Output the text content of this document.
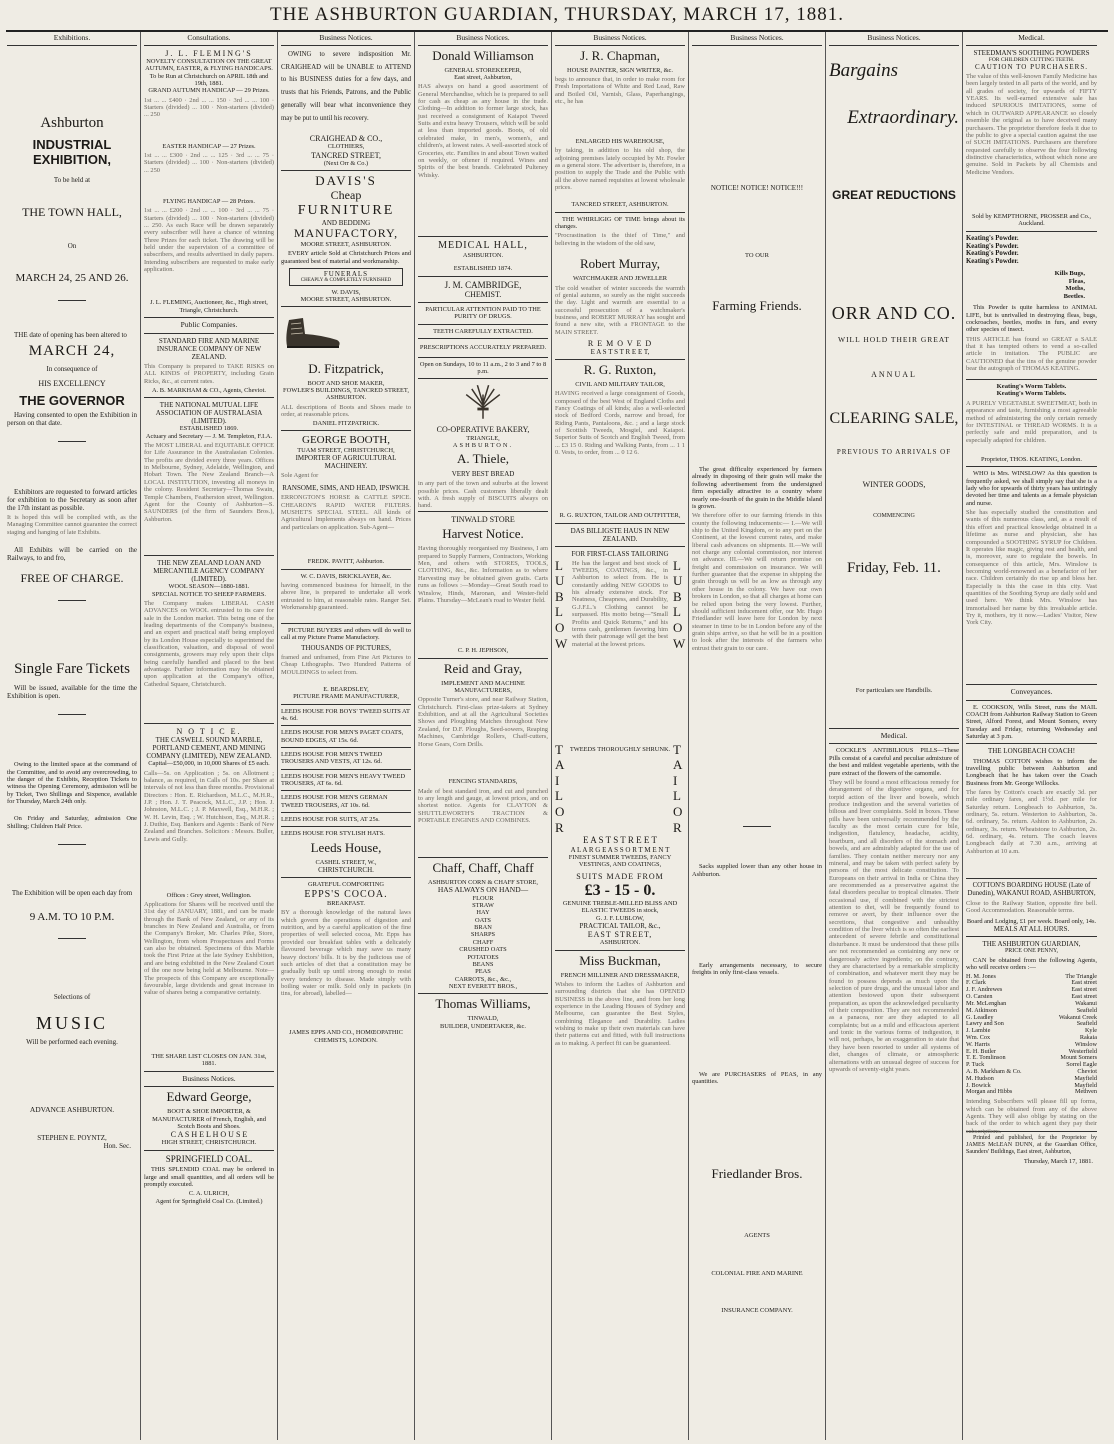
THE ASHBURTON GUARDIAN, THURSDAY, MARCH 17, 1881.
Exhibitions.
Ashburton
INDUSTRIAL EXHIBITION,
To be held at
THE TOWN HALL,
On
MARCH 24, 25 AND 26.
THE date of opening has been altered to
MARCH 24,
In consequence of
HIS EXCELLENCY
THE GOVERNOR
Having consented to open the Exhibition in person on that date.
Exhibitors are requested to forward articles for exhibition to the Secretary as soon after the 17th instant as possible.
It is hoped this will be complied with, as the Managing Committee cannot guarantee the correct staging and hanging of late Exhibits.
All Exhibits will be carried on the Railways, to and fro,
FREE OF CHARGE.
Single Fare Tickets
Will be issued, available for the time the Exhibition is open.
Owing to the limited space at the command of the Committee, and to avoid any overcrowding, to the danger of the Exhibits, Reception Tickets to witness the Opening Ceremony, admission will be by Ticket, Two Shillings and Sixpence, available for Thursday, March 24th only.
On Friday and Saturday, admission One Shilling; Children Half Price.
The Exhibition will be open each day from
9 A.M. TO 10 P.M.
Selections of
MUSIC
Will be performed each evening.
ADVANCE ASHBURTON.
STEPHEN E. POYNTZ,
Hon. Sec.
Consultations.
J. L. FLEMING'S
NOVELTY CONSULTATION ON THE GREAT AUTUMN, EASTER, & FLYING HANDICAPS.
To be Run at Christchurch on APRIL 18th and 19th, 1881.
GRAND AUTUMN HANDICAP — 29 Prizes.
1st ... ... £400 · 2nd ... ... 150 · 3rd ... ... 100 · Starters (divided) ... 100 · Non-starters (divided) ... 250
EASTER HANDICAP — 27 Prizes.
1st ... ... £300 · 2nd ... ... 125 · 3rd ... ... 75 · Starters (divided) ... 100 · Non-starters (divided) ... 250
FLYING HANDICAP — 28 Prizes.
1st ... ... £200 · 2nd ... ... 100 · 3rd ... ... 75 · Starters (divided) ... 100 · Non-starters (divided) ... 250. As each Race will be drawn separately every subscriber will have a chance of winning Three Prizes for each ticket. The drawing will be held under the supervision of a committee of subscribers, and results advertised in daily papers. Intending subscribers are requested to make early application.
J. L. FLEMING, Auctioneer, &c., High street, Triangle, Christchurch.
Public Companies.
STANDARD FIRE AND MARINE INSURANCE COMPANY OF NEW ZEALAND.
This Company is prepared to TAKE RISKS on ALL KINDS of PROPERTY, including Grain Ricks, &c., at current rates.
A. B. MARKHAM & CO., Agents, Cheviot.
THE NATIONAL MUTUAL LIFE ASSOCIATION OF AUSTRALASIA (LIMITED).
ESTABLISHED 1869.
Actuary and Secretary — J. M. Templeton, F.I.A.
The MOST LIBERAL and EQUITABLE OFFICE for Life Assurance in the Australasian Colonies. The profits are divided every three years. Offices in Melbourne, Sydney, Adelaide, Wellington, and Hobart Town. The New Zealand Branch—A LOCAL INSTITUTION, investing all moneys in the colony. Resident Secretary—Thomas Swain, Temple Chambers, Featherston street, Wellington. Agent for the County of Ashburton—S. SAUNDERS (of the firm of Saunders Bros.), Ashburton.
THE NEW ZEALAND LOAN AND MERCANTILE AGENCY COMPANY (LIMITED).
WOOL SEASON—1880-1881.
SPECIAL NOTICE TO SHEEP FARMERS.
The Company makes LIBERAL CASH ADVANCES on WOOL entrusted to its care for sale in the London market. This being one of the leading departments of the Company's business, and an expert and practical staff being employed by its London House especially to superintend the classification, valuation, and disposal of wool consignments, growers may rely upon their clips being carefully handled and placed to the best advantage. Further information may be obtained upon application at the Company's office, Cathedral Square, Christchurch.
N O T I C E.
THE CASWELL SOUND MARBLE, PORTLAND CEMENT, AND MINING COMPANY (LIMITED), NEW ZEALAND.
Capital—£50,000, in 10,000 Shares of £5 each.
Calls—5s. on Application ; 5s. on Allotment ; balance, as required, in Calls of 10s. per Share at intervals of not less than three months. Provisional Directors : Hon. E. Richardson, M.L.C., M.H.R., J.P. ; Hon. J. T. Peacock, M.L.C., J.P. ; Hon. J. Johnston, M.L.C. ; J. P. Maxwell, Esq., M.H.R. ; W. H. Levin, Esq. ; W. Hutchison, Esq., M.H.R. ; J. Duthie, Esq. Bankers and Agents : Bank of New Zealand and Branches. Solicitors : Messrs. Buller, Lewis and Gully.
Offices : Grey street, Wellington.
Applications for Shares will be received until the 31st day of JANUARY, 1881, and can be made through the Bank of New Zealand, or any of its branches in New Zealand and Australia, or from the Company's Broker, Mr. Charles Pike, Store, Wellington, from whom Prospectuses and Forms can also be obtained. Specimens of this Marble took the First Prize at the late Sydney Exhibition, and are being exhibited in the New Zealand Court of the one now being held at Melbourne. Note—The prospects of this Company are exceptionally favourable, large dividends and great increase in value of shares being a comparative certainty.
THE SHARE LIST CLOSES ON JAN. 31st, 1881.
Business Notices.
Edward George,
BOOT & SHOE IMPORTER, & MANUFACTURER of French, English, and Scotch Boots and Shoes.
C A S H E L H O U S E
HIGH STREET, CHRISTCHURCH.
SPRINGFIELD COAL.
THIS SPLENDID COAL may be ordered in large and small quantities, and all orders will be promptly executed.
C. A. ULRICH,
Agent for Springfield Coal Co. (Limited.)
Business Notices.
OWING to severe indisposition Mr. CRAIGHEAD will be UNABLE to ATTEND to his BUSINESS duties for a few days, and trusts that his Friends, Patrons, and the Public generally will bear what inconvenience they may be put to until his recovery.
CRAIGHEAD & CO.,
CLOTHIERS,
TANCRED STREET,
(Next Orr & Co.)
DAVIS'S
Cheap
FURNITURE
AND BEDDING
MANUFACTORY,
MOORE STREET, ASHBURTON.
EVERY article Sold at Christchurch Prices and guaranteed best of material and workmanship.
FUNERALS
CHEAPLY & COMPLETELY FURNISHED
W. DAVIS,
MOORE STREET, ASHBURTON.
D. Fitzpatrick,
BOOT AND SHOE MAKER,
FOWLER'S BUILDINGS, TANCRED STREET, ASHBURTON.
ALL descriptions of Boots and Shoes made to order, at reasonable prices.
DANIEL FITZPATRICK.
GEORGE BOOTH,
TUAM STREET, CHRISTCHURCH,
IMPORTER OF AGRICULTURAL MACHINERY.
Sole Agent for
RANSOME, SIMS, AND HEAD, IPSWICH.
ERRONGTON'S HORSE & CATTLE SPICE. CHEARON'S RAPID WATER FILTERS. MUSHET'S SPECIAL STEEL. All kinds of Agricultural Implements always on hand. Prices and particulars on application. Sub-Agent—
FREDK. PAVITT, Ashburton.
W. C. DAVIS, BRICKLAYER, &c.
having commenced business for himself, in the above line, is prepared to undertake all work entrusted to him, at reasonable rates. Ranger Set. Workmanship guaranteed.
PICTURE BUYERS and others will do well to call at my Picture Frame Manufactory.
THOUSANDS OF PICTURES,
framed and unframed, from Fine Art Pictures to Cheap Lithographs. Two Hundred Patterns of MOULDINGS to select from.
E. BEARDSLEY,
PICTURE FRAME MANUFACTURER,
LEEDS HOUSE FOR BOYS' TWEED SUITS AT 4s. 6d.
LEEDS HOUSE FOR MEN'S PAGET COATS, BOUND EDGES, AT 15s. 6d.
LEEDS HOUSE FOR MEN'S TWEED TROUSERS AND VESTS, AT 12s. 6d.
LEEDS HOUSE FOR MEN'S HEAVY TWEED TROUSERS, AT 6s. 6d.
LEEDS HOUSE FOR MEN'S GERMAN TWEED TROUSERS, AT 10s. 6d.
LEEDS HOUSE FOR SUITS, AT 25s.
LEEDS HOUSE FOR STYLISH HATS.
Leeds House,
CASHEL STREET, W.,
CHRISTCHURCH.
GRATEFUL COMFORTING
EPPS'S COCOA.
BREAKFAST.
BY a thorough knowledge of the natural laws which govern the operations of digestion and nutrition, and by a careful application of the fine properties of well selected cocoa, Mr. Epps has provided our breakfast tables with a delicately flavoured beverage which may save us many heavy doctors' bills. It is by the judicious use of such articles of diet that a constitution may be gradually built up until strong enough to resist every tendency to disease. Made simply with boiling water or milk. Sold only in packets (in tins, for abroad), labelled—
JAMES EPPS AND CO., HOMŒOPATHIC CHEMISTS, LONDON.
Business Notices.
Donald Williamson
GENERAL STOREKEEPER,
East street, Ashburton,
HAS always on hand a good assortment of General Merchandise, which he is prepared to sell for cash as cheap as any house in the trade. Clothing—In addition to former large stock, has just received a consignment of Kaiapoi Tweed Suits and extra heavy Trousers, which will be sold at less than imported goods. Boots, of old celebrated make, in men's, women's, and children's, at lowest rates. A well-assorted stock of Groceries, etc. Families in and about Town waited on weekly, or oftener if required. Wines and Spirits of the best brands. Celebrated Pulteney Whisky.
MEDICAL HALL,
ASHBURTON.
ESTABLISHED 1874.
J. M. CAMBRIDGE,
CHEMIST.
PARTICULAR ATTENTION PAID TO THE PURITY OF DRUGS.
TEETH CAREFULLY EXTRACTED.
PRESCRIPTIONS ACCURATELY PREPARED.
Open on Sundays, 10 to 11 a.m., 2 to 3 and 7 to 8 p.m.
CO-OPERATIVE BAKERY,
TRIANGLE,
ASHBURTON.
A. Thiele,
VERY BEST BREAD
in any part of the town and suburbs at the lowest possible prices. Cash customers liberally dealt with. A fresh supply of BISCUITS always on hand.
TINWALD STORE
Harvest Notice.
Having thoroughly reorganised my Business, I am prepared to Supply Farmers, Contractors, Working Men, and others with STORES, TOOLS, CLOTHING, &c., &c. Information as to where Harvesting may be obtained given gratis. Carts runs as follows :—Monday—Great South road to Winslow, Hinds, Maronan, and Wester-field Plains. Thursday—McLean's road to Wester field.
C. P. H. JEPHSON,
Reid and Gray,
IMPLEMENT AND MACHINE MANUFACTURERS,
Opposite Turner's store, and near Railway Station, Christchurch. First-class prize-takers at Sydney Exhibition, and at all the Agricultural Societies Shows and Ploughing Matches throughout New Zealand, for D.F. Ploughs, Seed-sowers, Reaping Machines, Cambridge Rollers, Chaff-cutters, Horse Gears, Corn Drills.
FENCING STANDARDS,
Made of best standard iron, and cut and punched to any length and gauge, at lowest prices, and on shortest notice. Agents for CLAYTON & SHUTTLEWORTH'S TRACTION & PORTABLE ENGINES AND COMBINES.
Chaff, Chaff, Chaff
ASHBURTON CORN & CHAFF STORE,
HAS ALWAYS ON HAND—
FLOUR
STRAW
HAY
OATS
BRAN
SHARPS
CHAFF
CRUSHED OATS
POTATOES
BEANS
PEAS
CARROTS, &c., &c.,
NEXT EVERETT BROS.,
Thomas Williams,
TINWALD,
BUILDER, UNDERTAKER, &c.
Business Notices.
J. R. Chapman,
HOUSE PAINTER, SIGN WRITER, &c.
begs to announce that, in order to make room for Fresh Importations of White and Red Lead, Raw and Boiled Oil, Varnish, Glass, Paperhangings, etc., he has
ENLARGED HIS WAREHOUSE,
by taking, in addition to his old shop, the adjoining premises lately occupied by Mr. Fowler as a general store. The advertiser is, therefore, in a position to supply the Trade and the Public with all the above named requisites at lowest wholesale prices.
TANCRED STREET, ASHBURTON.
THE WHIRLIGIG OF TIME brings about its changes.
"Procrastination is the thief of Time," and believing in the wisdom of the old saw,
Robert Murray,
WATCHMAKER AND JEWELLER
The cold weather of winter succeeds the warmth of genial autumn, so surely as the night succeeds the day. Light and warmth are essential to a successful prosecution of a watchmaker's business, and ROBERT MURRAY has sought and found a new site, with a FRONTAGE to the MAIN STREET.
R E M O V E D
E A S T S T R E E T,
R. G. Ruxton,
CIVIL AND MILITARY TAILOR,
HAVING received a large consignment of Goods, composed of the best West of England Cloths and Fancy Coatings of all kinds; also a well-selected stock of Bedford Cords, narrow and broad, for Riding Pants, Pantaloons, &c. ; and a large stock of Scottish Tweeds, Mosgiel, and Kaiapoi. Superior Suits of Scotch and English Tweed, from ... £3 15 0. Riding and Walking Pants, from ... 1 1 0. Vests, to order, from ... 0 12 6.
R. G. RUXTON, TAILOR AND OUTFITTER,
DAS BILLIGSTE HAUS IN NEW ZEALAND.
FOR FIRST-CLASS TAILORING
LUBLOW
He has the largest and best stock of TWEEDS, COATINGS, &c., in Ashburton to select from. He is constantly adding NEW GOODS to his already extensive stock. For Neatness, Cheapness, and Durability, G.J.F.L.'s Clothing cannot be surpassed. His motto being—"Small Profits and Quick Returns," and his terms cash, gentlemen favoring him with their patronage will get the best material at the lowest prices.
LUBLOW
TAILOR
TWEEDS THOROUGHLY SHRUNK. TAILOR
E A S T S T R E E T
A L A R G E A S S O R T M E N T
FINEST SUMMER TWEEDS, FANCY VESTINGS, AND COATINGS,
SUITS MADE FROM
£3 - 15 - 0.
GENUINE TREBLE-MILLED BLISS AND ELASTIC TWEEDS in stock,
G. J. F. LUBLOW,
PRACTICAL TAILOR, &c.,
EAST STREET,
ASHBURTON.
Miss Buckman,
FRENCH MILLINER AND DRESSMAKER,
Wishes to inform the Ladies of Ashburton and surrounding districts that she has OPENED BUSINESS in the above line, and from her long experience in the Leading Houses of Sydney and Melbourne, can guarantee the Best Styles, combining Elegance and Durability. Ladies wishing to make up their own materials can have their patterns cut and fitted, with full instructions as to making. A perfect fit can be guaranteed.
Business Notices.
NOTICE! NOTICE! NOTICE!!!
TO OUR
Farming Friends.
The great difficulty experienced by farmers already in disposing of their grain will make the following advertisement from the undersigned firm especially attractive to a country where nearly one-fourth of the grain in the Middle Island is grown.
We therefore offer to our farming friends in this county the following inducements:— I.—We will ship to the United Kingdom, or to any port on the Continent, at the lowest current rates, and make liberal cash advances on shipments. II.—We will not charge any colonial commission, nor interest on advance. III.—We will return promise on freight and commission on insurance. We will further guarantee that the expense in shipping the grain through us will be as low as through any other house in the colony. We have our own brokers in London, so that all charges at home can be relied upon being the very lowest. Further, should sufficient inducement offer, our Mr. Hugo Friedlander will leave here for London by next steamer in time to be in London before any of the grain ships arrive, so that he will be in a position to look after the interests of the farmers who entrust their grain to our care.
Sacks supplied lower than any other house in Ashburton.
Early arrangements necessary, to secure freights in only first-class vessels.
We are PURCHASERS of PEAS, in any quantities.
Friedlander Bros.
AGENTS
COLONIAL FIRE AND MARINE
INSURANCE COMPANY.
Business Notices.
Bargains
Extraordinary.
GREAT REDUCTIONS
ORR AND CO.
WILL HOLD THEIR GREAT
ANNUAL
CLEARING SALE,
PREVIOUS TO ARRIVALS OF
WINTER GOODS,
COMMENCING
Friday, Feb. 11.
For particulars see Handbills.
Medical.
COCKLE'S ANTIBILIOUS PILLS—These Pills consist of a careful and peculiar admixture of the best and mildest vegetable aperients, with the pure extract of the flowers of the camomile.
They will be found a most efficacious remedy for derangement of the digestive organs, and for torpid action of the liver and bowels, which produce indigestion and the several varieties of bilious and liver complaints. Sold in boxes. These pills have been universally recommended by the faculty as the most certain cure for bile, indigestion, flatulency, headache, acidity, heartburn, and all disorders of the stomach and bowels, and are admirably adapted for the use of families. They contain neither mercury nor any mineral, and may be taken with perfect safety by persons of the most delicate constitution. To Europeans on their arrival in India or China they are recommended as a preservative against the fatal disorders peculiar to tropical climates. Their occasional use, if combined with the strictest attention to diet, will be frequently found to remove or avert, by their influence over the secretions, that congestive and unhealthy condition of the liver which is so often the earliest antecedent of severe febrile and constitutional disturbance. It must be understood that these pills are not recommended as containing any new or dangerously active ingredients; on the contrary, they are characterised by a remarkable simplicity of combination, and whatever merit they may be found to possess depends as much upon the selection of pure drugs, and the unusual labor and attention bestowed upon their subsequent preparation, as upon the acknowledged peculiarity of their composition. They are not recommended as a panacea, nor are they adapted to all complaints; but as a mild and efficacious aperient and tonic in the various forms of indigestion, it will not, perhaps, be an exaggeration to state that they have been resorted to under all systems of diet, changes of climate, or atmospheric alternations with an unusual degree of success for upwards of seventy-eight years.
Medical.
STEEDMAN'S SOOTHING POWDERS
FOR CHILDREN CUTTING TEETH.
CAUTION TO PURCHASERS.
The value of this well-known Family Medicine has been largely tested in all parts of the world, and by all grades of society, for upwards of FIFTY YEARS. Its well-earned extensive sale has induced SPURIOUS IMITATIONS, some of which in OUTWARD APPEARANCE so closely resemble the original as to have deceived many purchasers. The proprietor therefore feels it due to the public to give a special caution against the use of SUCH IMITATIONS. Purchasers are therefore requested carefully to observe the four following distinctive characteristics, without which none are genuine. Sold in Packets by all Chemists and Medicine Vendors.
Sold by KEMPTHORNE, PROSSER and Co., Auckland.
Keating's Powder.
Keating's Powder.
Keating's Powder.
Keating's Powder.
Kills Bugs,
Fleas,
Moths,
Beetles.
This Powder is quite harmless to ANIMAL LIFE, but is unrivalled in destroying fleas, bugs, cockroaches, beetles, moths in furs, and every other species of insect.
THIS ARTICLE has found so GREAT a SALE that it has tempted others to vend a so-called article in imitation. The PUBLIC are CAUTIONED that the tins of the genuine powder bear the autograph of THOMAS KEATING.
Keating's Worm Tablets.
Keating's Worm Tablets.
A PURELY VEGETABLE SWEETMEAT, both in appearance and taste, furnishing a most agreeable method of administering the only certain remedy for INTESTINAL or THREAD WORMS. It is a perfectly safe and mild preparation, and is especially adapted for children.
Proprietor, THOS. KEATING, London.
WHO is Mrs. WINSLOW? As this question is frequently asked, we shall simply say that she is a lady who for upwards of thirty years has untiringly devoted her time and talents as a female physician and nurse.
She has especially studied the constitution and wants of this numerous class, and, as a result of this effort and practical knowledge obtained in a lifetime as nurse and physician, she has compounded a SOOTHING SYRUP for Children. It operates like magic, giving rest and health, and is, moreover, sure to regulate the bowels. In consequence of this article, Mrs. Winslow is becoming world-renowned as a benefactor of her race. Children certainly do rise up and bless her. Especially is this the case in this city. Vast quantities of the Soothing Syrup are daily sold and used here. We think Mrs. Winslow has immortalised her name by this invaluable article. Try it, mothers, try it now.—Ladies' Visitor, New York City.
Conveyances.
E. COOKSON, Wills Street, runs the MAIL COACH from Ashburton Railway Station to Green Street, Alford Forest, and Mount Somers, every Tuesday and Friday, returning Wednesday and Saturday at 3 p.m.
THE LONGBEACH COACH!
THOMAS COTTON wishes to inform the travelling public between Ashburton and Longbeach that he has taken over the Coach Business from Mr. George Willocks.
The fares by Cotton's coach are exactly 3d. per mile ordinary fares, and 1½d. per mile for Saturday return. Longbeach to Ashburton, 3s. ordinary, 5s. return. Westerton to Ashburton, 3s. 6d. ordinary, 5s. return. Ashton to Ashburton, 2s. ordinary, 3s. return. Wheatstone to Ashburton, 2s. 6d. ordinary, 4s. return. The coach leaves Longbeach daily at 7.30 a.m., arriving at Ashburton at 10 a.m.
COTTON'S BOARDING HOUSE (Late of Dunedin), WAKANUI ROAD, ASHBURTON,
Close to the Railway Station, opposite fire bell. Good Accommodation. Reasonable terms.
Board and Lodging, £1 per week. Board only, 14s.
MEALS AT ALL HOURS.
THE ASHBURTON GUARDIAN,
PRICE ONE PENNY,
CAN be obtained from the following Agents, who will receive orders :—
H. M. Jones	The Triangle
F. Clark	East street
J. F. Andrewes	East street
O. Carsten	East street
Mr. McLenghan	Wakanui
M. Atkinson	Seafield
G. Leadley	Wakanui Creek
Lawry and Son	Seafield
J. Lambie	Kyle
Wm. Cox	Rakaia
W. Harris	Winslow
E. H. Butler	Westerfield
T. E. Tomlinson	Mount Somers
P. Tuck	Sorrel Eagle
A. B. Markham & Co.	Cheviot
M. Hudson	Mayfield
J. Bowick	Mayfield
Morgan and Hibbs	Methven
Intending Subscribers will please fill up forms, which can be obtained from any of the above Agents. They will also oblige by stating on the back of the order to which agent they pay their subscriptions.
Printed and published, for the Proprietor by JAMES McLEAN DUNN, at the Guardian Office, Saunders' Buildings, East street, Ashburton,
Thursday, March 17, 1881.
